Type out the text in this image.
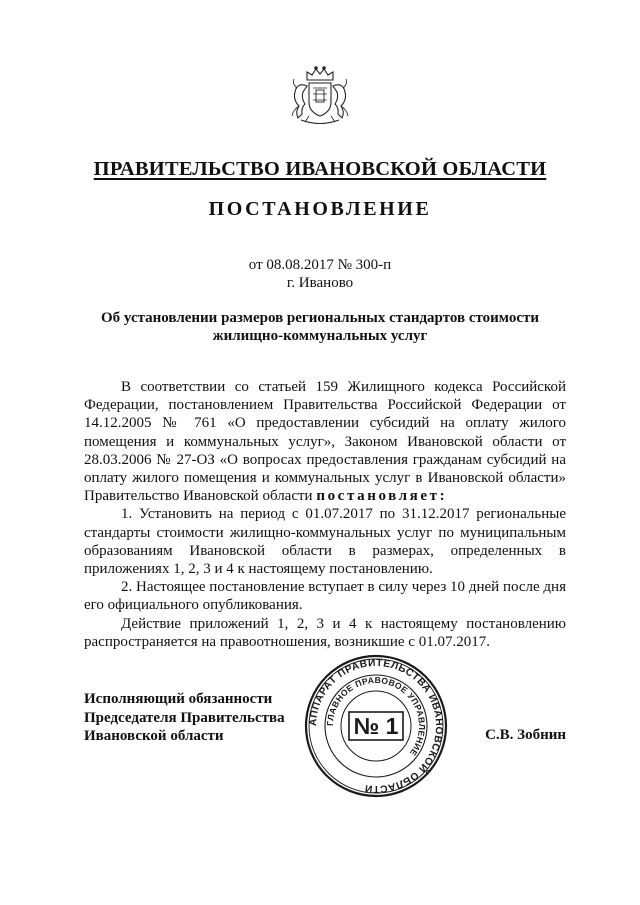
ПРАВИТЕЛЬСТВО ИВАНОВСКОЙ ОБЛАСТИ
ПОСТАНОВЛЕНИЕ
от 08.08.2017 № 300-п
г. Иваново
Об установлении размеров региональных стандартов стоимости
жилищно-коммунальных услуг

В соответствии со статьей 159 Жилищного кодекса Российской Федерации, постановлением Правительства Российской Федерации от 14.12.2005 № 761 «О предоставлении субсидий на оплату жилого помещения и коммунальных услуг», Законом Ивановской области от 28.03.2006 № 27-ОЗ «О вопросах предоставления гражданам субсидий на оплату жилого помещения и коммунальных услуг в Ивановской области» Правительство Ивановской области постановляет:

1. Установить на период с 01.07.2017 по 31.12.2017 региональные стандарты стоимости жилищно-коммунальных услуг по муниципальным образованиям Ивановской области в размерах, определенных в приложениях 1, 2, 3 и 4 к настоящему постановлению.

2. Настоящее постановление вступает в силу через 10 дней после дня его официального опубликования.

Действие приложений 1, 2, 3 и 4 к настоящему постановлению распространяется на правоотношения, возникшие с 01.07.2017.

Исполняющий обязанности
Председателя Правительства
Ивановской области
АППАРАТ ПРАВИТЕЛЬСТВА ИВАНОВСКОЙ ОБЛАСТИ
ГЛАВНОЕ ПРАВОВОЕ УПРАВЛЕНИЕ
№ 1	С.В. Зобнин
